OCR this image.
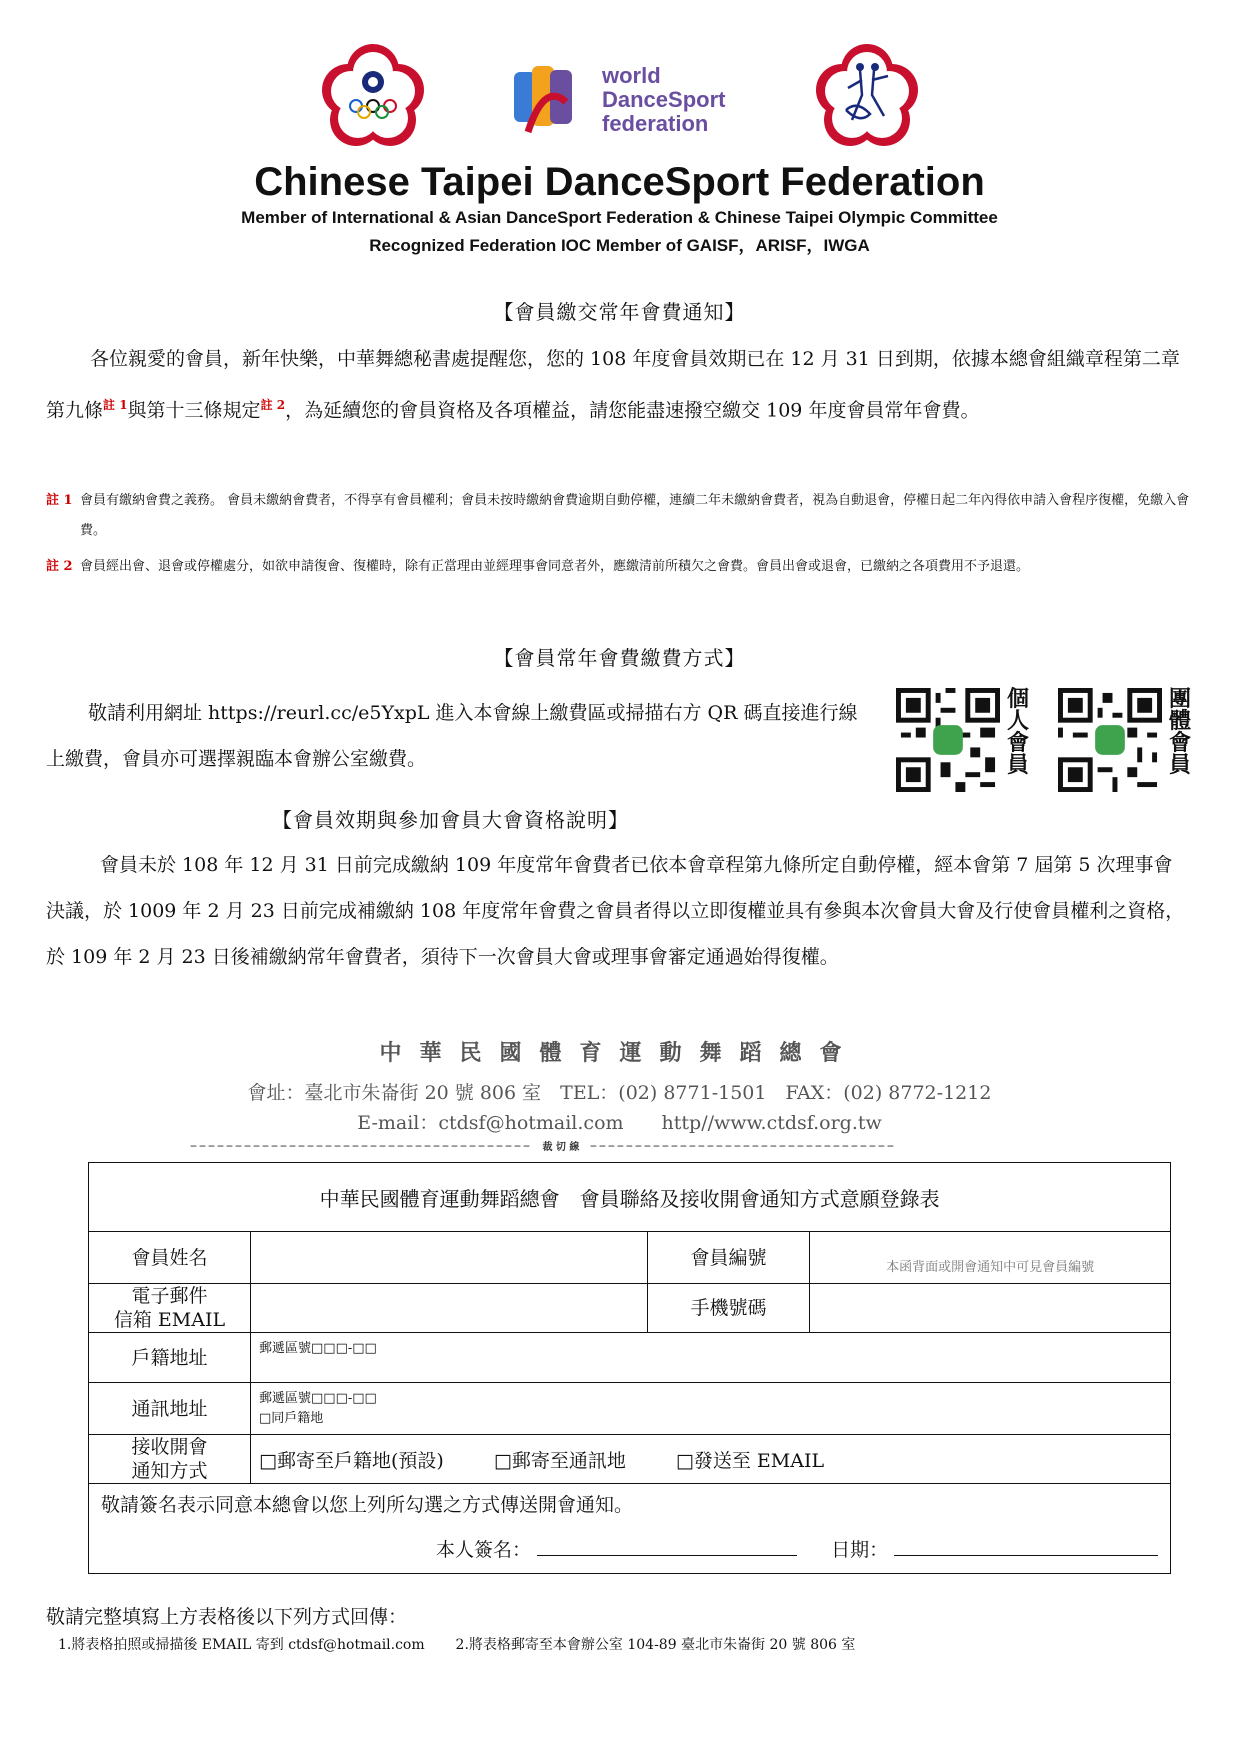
world
DanceSport
federation
Chinese Taipei DanceSport Federation
Member of International & Asian DanceSport Federation & Chinese Taipei Olympic Committee
Recognized Federation IOC Member of GAISF，ARISF，IWGA
【會員繳交常年會費通知】
各位親愛的會員，新年快樂，中華舞總秘書處提醒您，您的 108 年度會員效期已在 12 月 31 日到期，依據本總會組織章程第二章第九條$^{註 1}$與第十三條規定$^{註 2}$，為延續您的會員資格及各項權益，請您能盡速撥空繳交 109 年度會員常年會費。
註 1 會員有繳納會費之義務。 會員未繳納會費者，不得享有會員權利；會員未按時繳納會費逾期自動停權，連續二年未繳納會費者，視為自動退會，停權日起二年內得依申請入會程序復權，免繳入會費。
註 2 會員經出會、退會或停權處分，如欲申請復會、復權時，除有正當理由並經理事會同意者外，應繳清前所積欠之會費。會員出會或退會，已繳納之各項費用不予退還。
【會員常年會費繳費方式】
敬請利用網址 https://reurl.cc/e5YxpL 進入本會線上繳費區或掃描右方 QR 碼直接進行線上繳費，會員亦可選擇親臨本會辦公室繳費。
個人會員
團體會員
【會員效期與參加會員大會資格說明】
會員未於 108 年 12 月 31 日前完成繳納 109 年度常年會費者已依本會章程第九條所定自動停權，經本會第 7 屆第 5 次理事會決議，於 1009 年 2 月 23 日前完成補繳納 108 年度常年會費之會員者得以立即復權並具有參與本次會員大會及行使會員權利之資格，於 109 年 2 月 23 日後補繳納常年會費者，須待下一次會員大會或理事會審定通過始得復權。
中華民國體育運動舞蹈總會
會址：臺北市朱崙街 20 號 806 室　TEL：(02) 8771-1501　FAX：(02) 8772-1212
E-mail：ctdsf@hotmail.com　　http//www.ctdsf.org.tw
–––––––––––––––––––––––––––––––––––––– 裁 切 線 ––––––––––––––––––––––––––––––––––
中華民國體育運動舞蹈總會　會員聯絡及接收開會通知方式意願登錄表			
會員姓名		會員編號	本函背面或開會通知中可見會員編號

電子郵件
信箱 EMAIL		手機號碼	
戶籍地址	郵遞區號□□□-□□		

通訊地址	郵遞區號□□□-□□
□同戶籍地		

接收開會
通知方式	□郵寄至戶籍地(預設) □郵寄至通訊地 □發送至 EMAIL		

敬請簽名表示同意本總會以您上列所勾選之方式傳送開會通知。
本人簽名： 日期：			
敬請完整填寫上方表格後以下列方式回傳：
1.將表格拍照或掃描後 EMAIL 寄到 ctdsf@hotmail.com 2.將表格郵寄至本會辦公室 104-89 臺北市朱崙街 20 號 806 室
